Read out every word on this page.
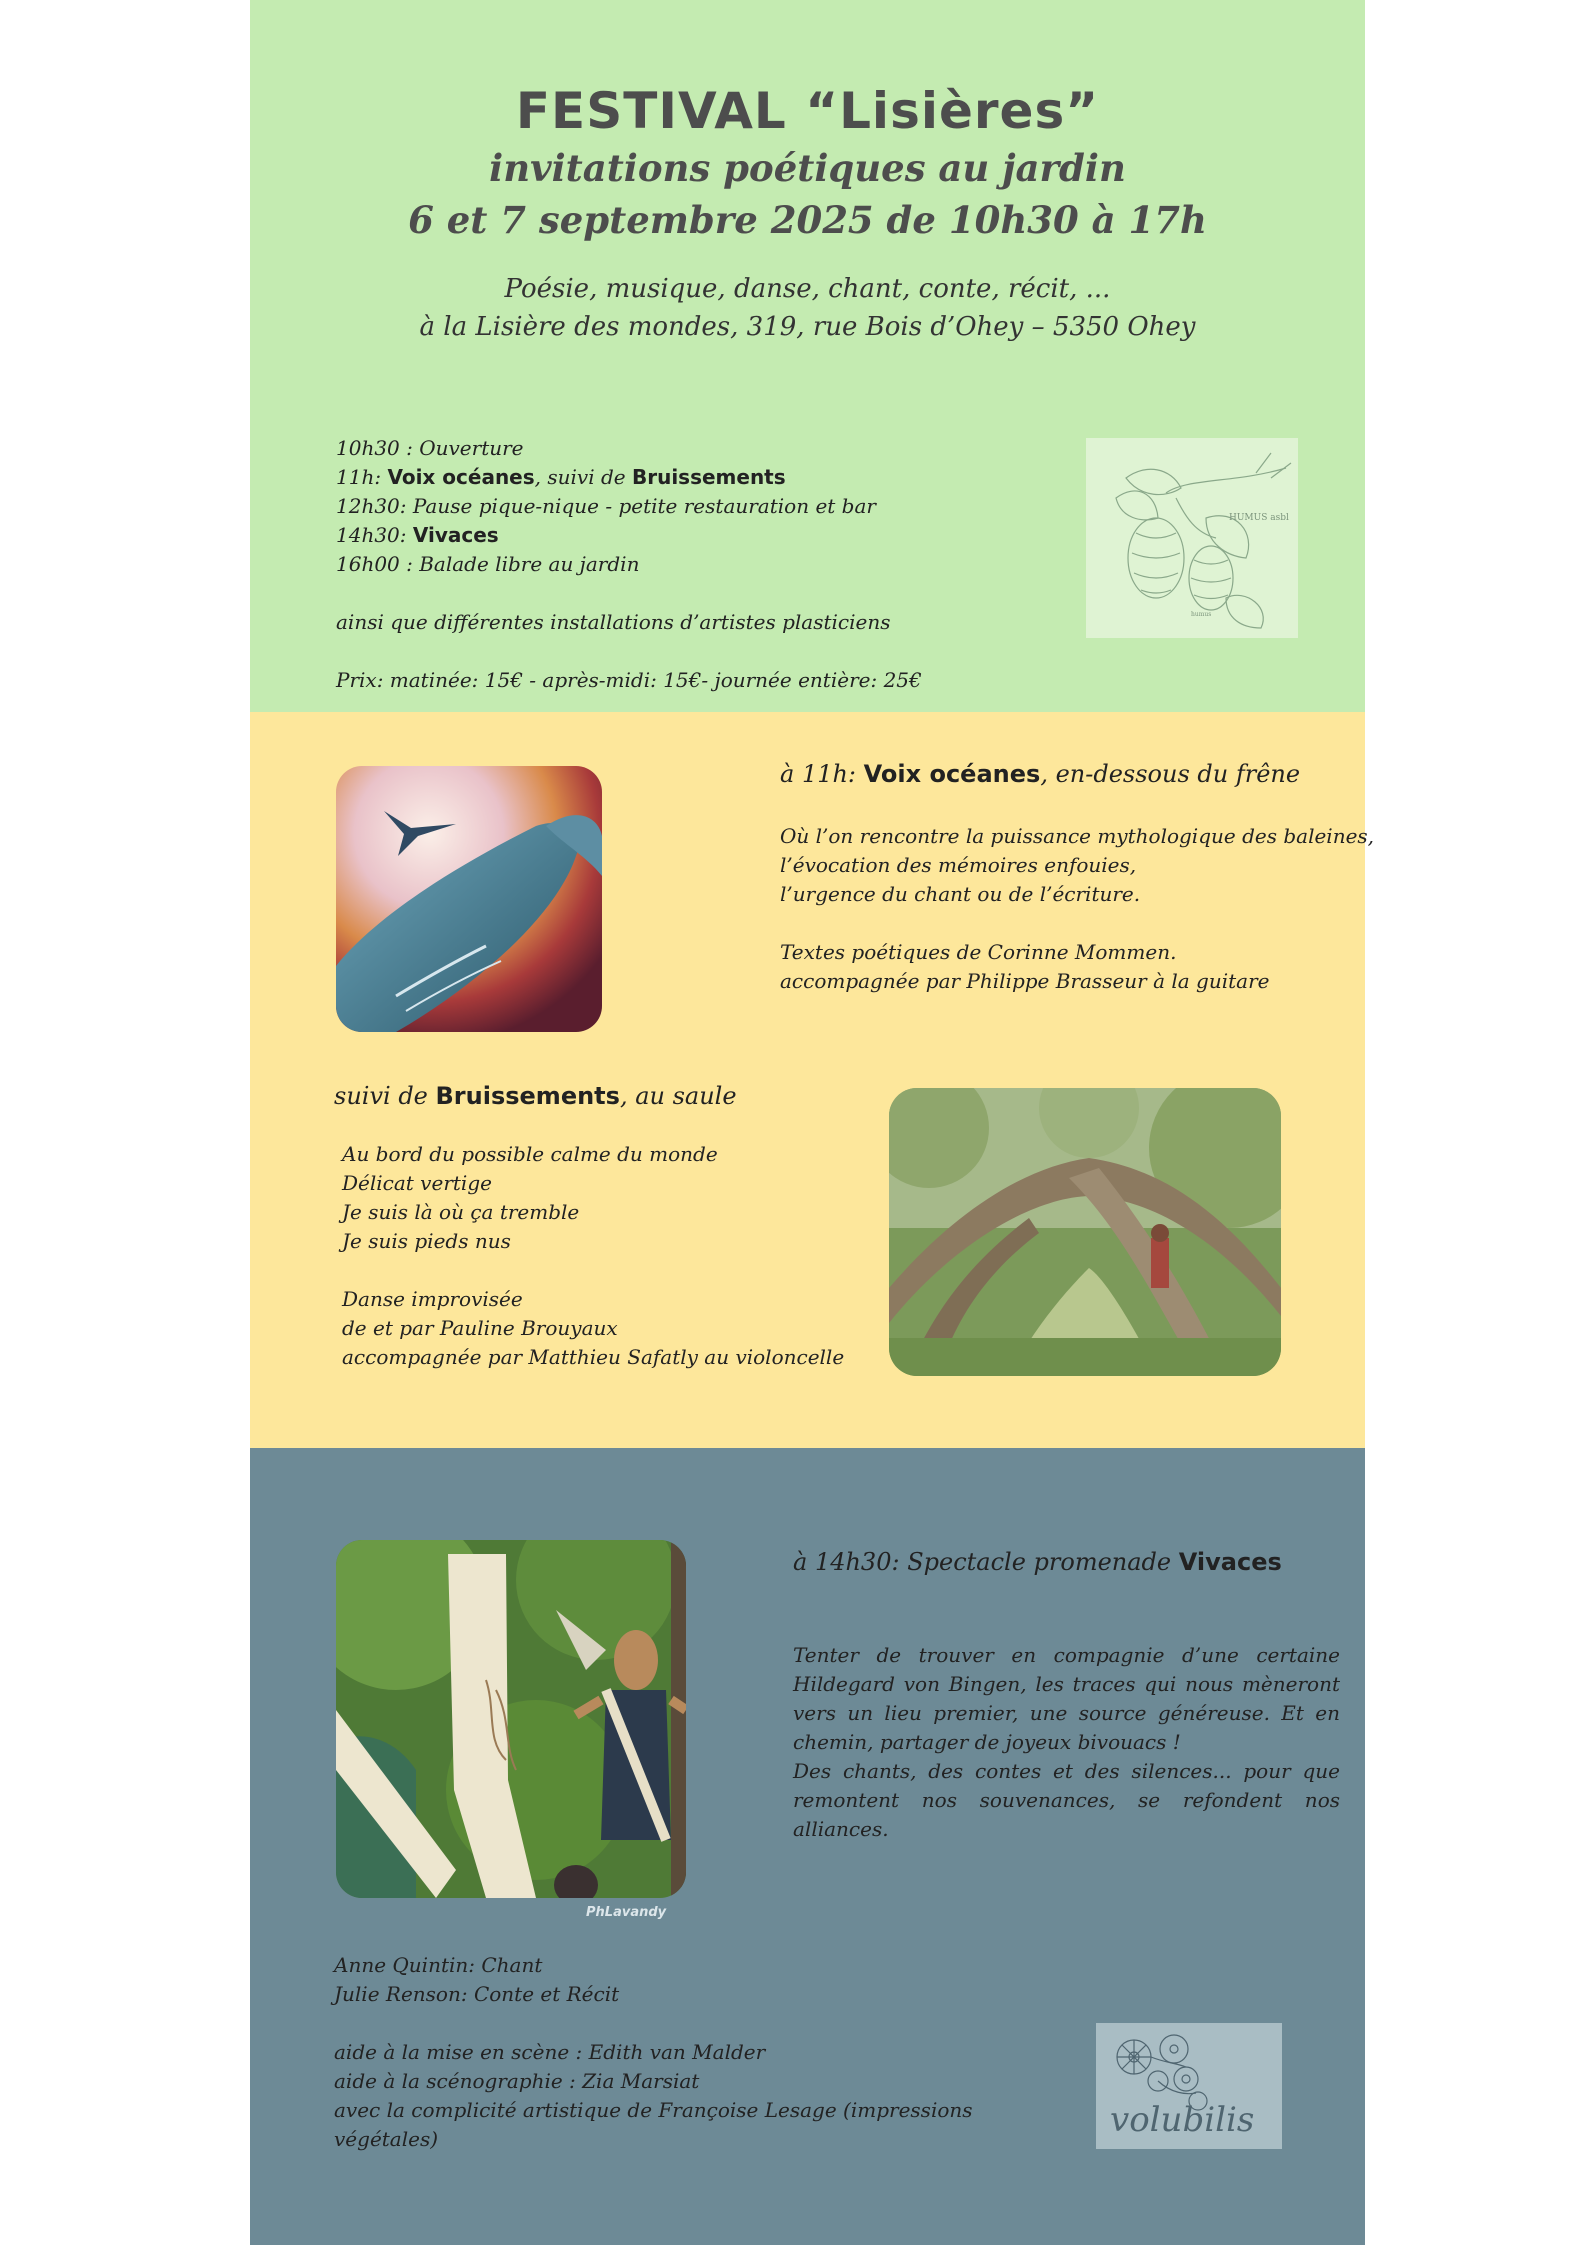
FESTIVAL “Lisières”
invitations poétiques au jardin
6 et 7 septembre 2025 de 10h30 à 17h
Poésie, musique, danse, chant, conte, récit, ...
à la Lisière des mondes, 319, rue Bois d’Ohey – 5350 Ohey
10h30 : Ouverture
11h: Voix océanes, suivi de Bruissements
12h30: Pause pique-nique - petite restauration et bar
14h30: Vivaces
16h00 : Balade libre au jardin
ainsi que différentes installations d’artistes plasticiens
Prix: matinée: 15€ - après-midi: 15€- journée entière: 25€
HUMUS asbl
humus
à 11h: Voix océanes, en-dessous du frêne
Où l’on rencontre la puissance mythologique des baleines,
l’évocation des mémoires enfouies,
l’urgence du chant ou de l’écriture.
Textes poétiques de Corinne Mommen.
accompagnée par Philippe Brasseur à la guitare
suivi de Bruissements, au saule
Au bord du possible calme du monde
Délicat vertige
Je suis là où ça tremble
Je suis pieds nus
Danse improvisée
de et par Pauline Brouyaux
accompagnée par Matthieu Safatly au violoncelle
PhLavandy
à 14h30: Spectacle promenade Vivaces
Tenter de trouver en compagnie d’une certaine Hildegard von Bingen, les traces qui nous mèneront vers un lieu premier, une source généreuse. Et en chemin, partager de joyeux bivouacs !
Des chants, des contes et des silences... pour que remontent nos souvenances, se refondent nos alliances.
Anne Quintin: Chant
Julie Renson: Conte et Récit
aide à la mise en scène : Edith van Malder
aide à la scénographie : Zia Marsiat
avec la complicité artistique de Françoise Lesage (impressions
végétales)	volubilis
